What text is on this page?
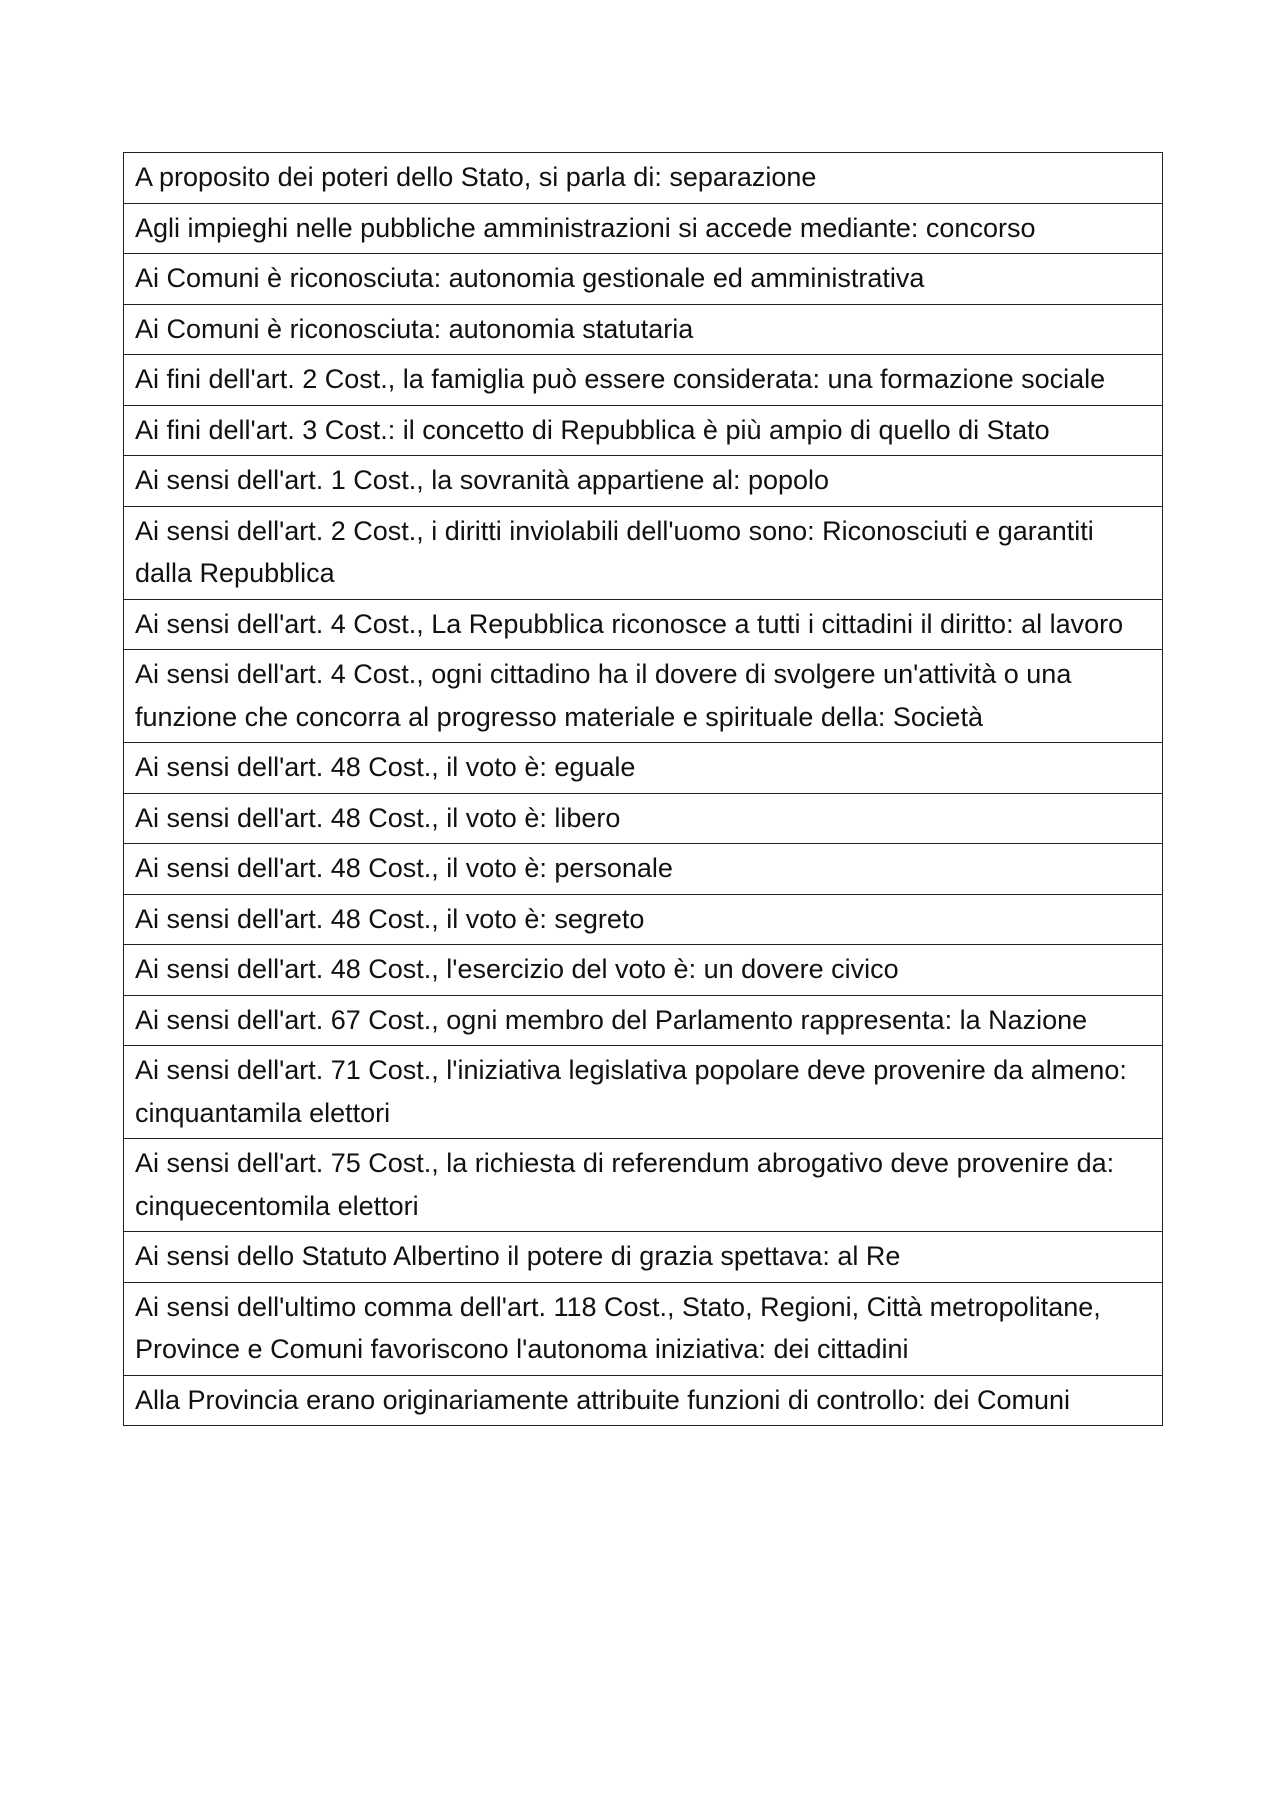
A proposito dei poteri dello Stato, si parla di: separazione
Agli impieghi nelle pubbliche amministrazioni si accede mediante: concorso
Ai Comuni è riconosciuta: autonomia gestionale ed amministrativa
Ai Comuni è riconosciuta: autonomia statutaria
Ai fini dell'art. 2 Cost., la famiglia può essere considerata: una formazione sociale
Ai fini dell'art. 3 Cost.: il concetto di Repubblica è più ampio di quello di Stato
Ai sensi dell'art. 1 Cost., la sovranità appartiene al: popolo
Ai sensi dell'art. 2 Cost., i diritti inviolabili dell'uomo sono: Riconosciuti e garantiti dalla Repubblica
Ai sensi dell'art. 4 Cost., La Repubblica riconosce a tutti i cittadini il diritto: al lavoro
Ai sensi dell'art. 4 Cost., ogni cittadino ha il dovere di svolgere un'attività o una funzione che concorra al progresso materiale e spirituale della: Società
Ai sensi dell'art. 48 Cost., il voto è: eguale
Ai sensi dell'art. 48 Cost., il voto è: libero
Ai sensi dell'art. 48 Cost., il voto è: personale
Ai sensi dell'art. 48 Cost., il voto è: segreto
Ai sensi dell'art. 48 Cost., l'esercizio del voto è: un dovere civico
Ai sensi dell'art. 67 Cost., ogni membro del Parlamento rappresenta: la Nazione
Ai sensi dell'art. 71 Cost., l'iniziativa legislativa popolare deve provenire da almeno: cinquantamila elettori
Ai sensi dell'art. 75 Cost., la richiesta di referendum abrogativo deve provenire da: cinquecentomila elettori
Ai sensi dello Statuto Albertino il potere di grazia spettava: al Re
Ai sensi dell'ultimo comma dell'art. 118 Cost., Stato, Regioni, Città metropolitane, Province e Comuni favoriscono l'autonoma iniziativa: dei cittadini
Alla Provincia erano originariamente attribuite funzioni di controllo: dei Comuni
